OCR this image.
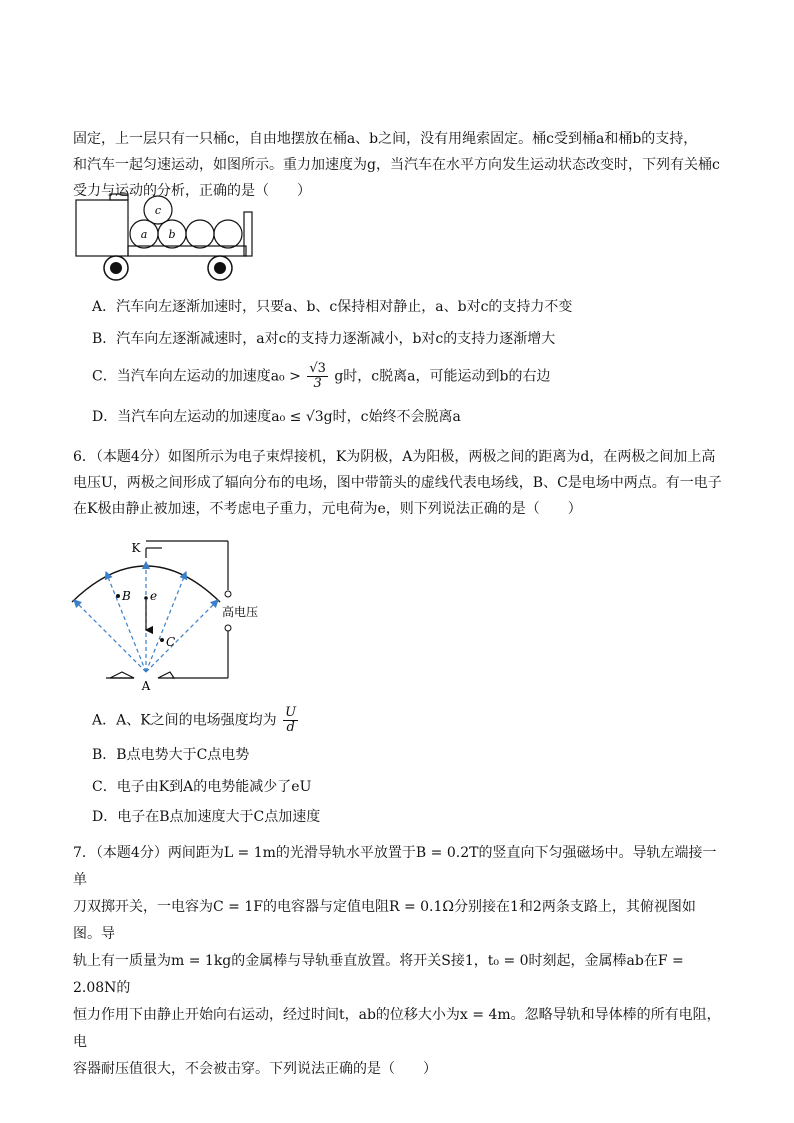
固定，上一层只有一只桶c，自由地摆放在桶a、b之间，没有用绳索固定。桶c受到桶a和桶b的支持，
和汽车一起匀速运动，如图所示。重力加速度为g，当汽车在水平方向发生运动状态改变时，下列有关桶c
受力与运动的分析，正确的是（　　）
a b
c
A．汽车向左逐渐加速时，只要a、b、c保持相对静止，a、b对c的支持力不变
B．汽车向左逐渐减速时，a对c的支持力逐渐减小，b对c的支持力逐渐增大
C．当汽车向左运动的加速度$a_0 > \frac{√3}{3}$ g时，c脱离a，可能运动到b的右边
D．当汽车向左运动的加速度a₀ ≤ √3g时，c始终不会脱离a
6．（本题4分）如图所示为电子束焊接机，K为阴极，A为阳极，两极之间的距离为d，在两极之间加上高
电压U，两极之间形成了辐向分布的电场，图中带箭头的虚线代表电场线，B、C是电场中两点。有一电子
在K极由静止被加速，不考虑电子重力，元电荷为e，则下列说法正确的是（　　）
K
A
B
C
e
高电压
A．A、K之间的电场强度均为 $\frac{U}{d}$
B．B点电势大于C点电势
C．电子由K到A的电势能减少了eU
D．电子在B点加速度大于C点加速度
7．（本题4分）两间距为L = 1m的光滑导轨水平放置于B = 0.2T的竖直向下匀强磁场中。导轨左端接一单
刀双掷开关，一电容为C = 1F的电容器与定值电阻R = 0.1Ω分别接在1和2两条支路上，其俯视图如图。导
轨上有一质量为m = 1kg的金属棒与导轨垂直放置。将开关S接1，t₀ = 0时刻起，金属棒ab在F = 2.08N的
恒力作用下由静止开始向右运动，经过时间t，ab的位移大小为x = 4m。忽略导轨和导体棒的所有电阻，电
容器耐压值很大，不会被击穿。下列说法正确的是（　　）
